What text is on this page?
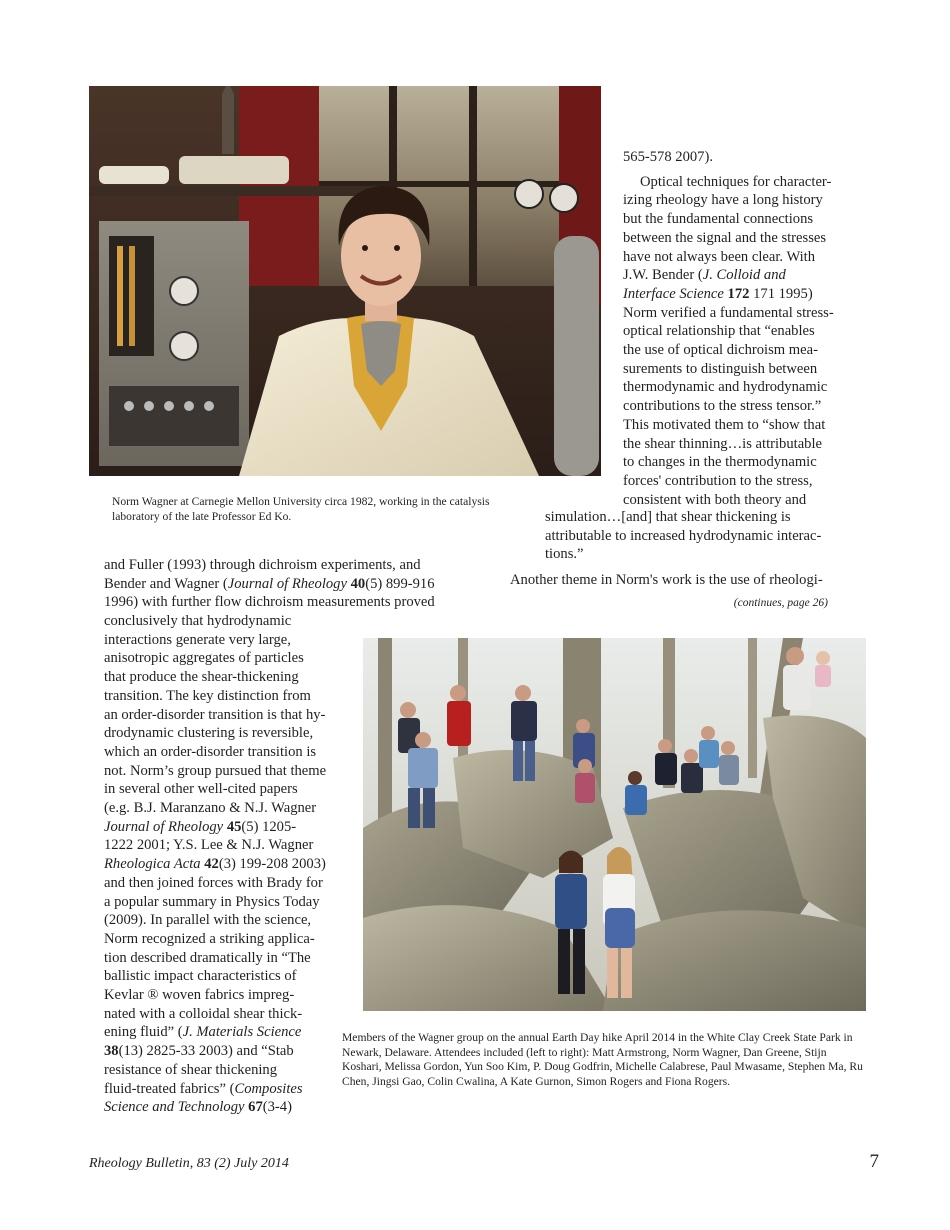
Norm Wagner at Carnegie Mellon University circa 1982, working in the catalysis laboratory of the late Professor Ed Ko.

565-578 2007).

Optical techniques for character-

izing rheology have a long history

but the fundamental connections

between the signal and the stresses

have not always been clear. With

J.W. Bender (J. Colloid and

Interface Science 172 171 1995)

Norm verified a fundamental stress-

optical relationship that “enables

the use of optical dichroism mea-

surements to distinguish between

thermodynamic and hydrodynamic

contributions to the stress tensor.”

This motivated them to “show that

the shear thinning…is attributable

to changes in the thermodynamic

forces' contribution to the stress,

consistent with both theory and

simulation…[and] that shear thickening is

attributable to increased hydrodynamic interac-

tions.”

Another theme in Norm's work is the use of rheologi-

(continues, page 26)

and Fuller (1993) through dichroism experiments, and

Bender and Wagner (Journal of Rheology 40(5) 899-916

1996) with further flow dichroism measurements proved

conclusively that hydrodynamic

interactions generate very large,

anisotropic aggregates of particles

that produce the shear-thickening

transition. The key distinction from

an order-disorder transition is that hy-

drodynamic clustering is reversible,

which an order-disorder transition is

not. Norm’s group pursued that theme

in several other well-cited papers

(e.g. B.J. Maranzano & N.J. Wagner

Journal of Rheology 45(5) 1205-

1222 2001; Y.S. Lee & N.J. Wagner

Rheologica Acta 42(3) 199-208 2003)

and then joined forces with Brady for

a popular summary in Physics Today

(2009). In parallel with the science,

Norm recognized a striking applica-

tion described dramatically in “The

ballistic impact characteristics of

Kevlar ® woven fabrics impreg-

nated with a colloidal shear thick-

ening fluid” (J. Materials Science

38(13) 2825-33 2003) and “Stab

resistance of shear thickening

fluid-treated fabrics” (Composites

Science and Technology 67(3-4)

Members of the Wagner group on the annual Earth Day hike April 2014 in the White Clay Creek State Park in Newark, Delaware. Attendees included (left to right): Matt Armstrong, Norm Wagner, Dan Greene, Stijn Koshari, Melissa Gordon, Yun Soo Kim, P. Doug Godfrin, Michelle Calabrese, Paul Mwasame, Stephen Ma, Ru Chen, Jingsi Gao, Colin Cwalina, A Kate Gurnon, Simon Rogers and Fiona Rogers.
Rheology Bulletin, 83 (2) July 2014	7
